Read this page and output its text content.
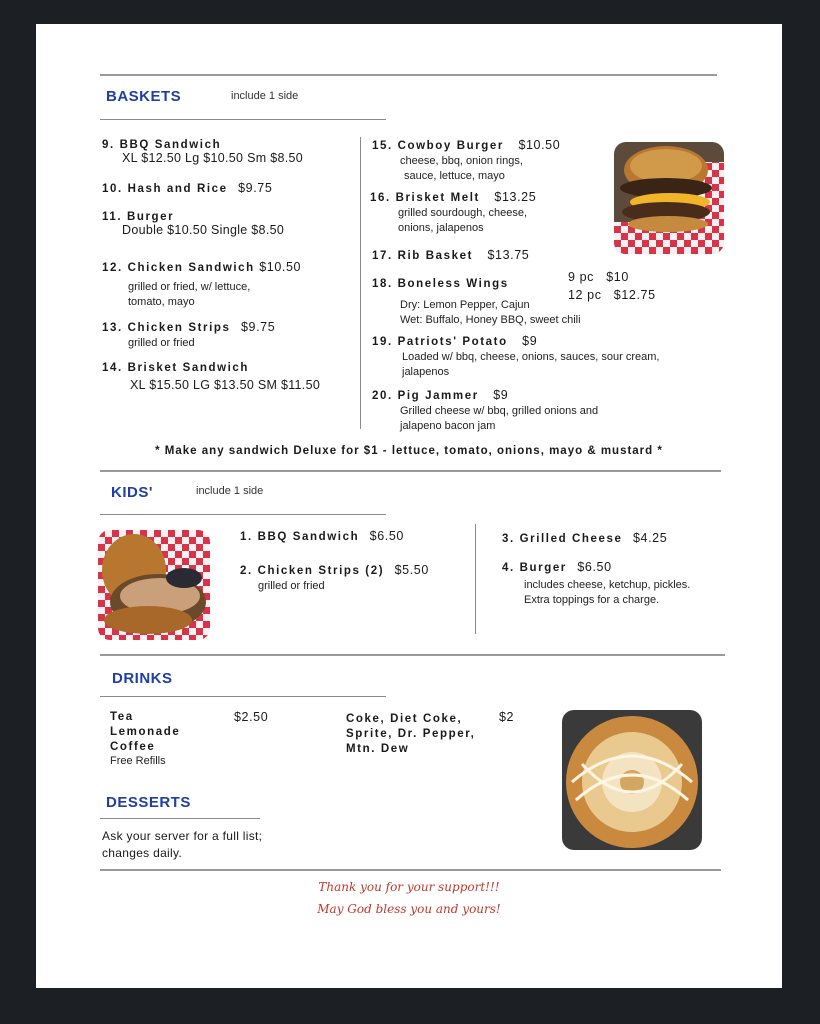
BASKETS	include 1 side
9. BBQ Sandwich
XL $12.50 Lg $10.50 Sm $8.50
10. Hash and Rice $9.75
11. Burger
Double $10.50 Single $8.50
12. Chicken Sandwich $10.50
grilled or fried, w/ lettuce,
tomato, mayo
13. Chicken Strips $9.75
grilled or fried
14. Brisket Sandwich
XL $15.50 LG $13.50 SM $11.50
15. Cowboy Burger $10.50
cheese, bbq, onion rings,
sauce, lettuce, mayo
16. Brisket Melt $13.25
grilled sourdough, cheese,
onions, jalapenos
17. Rib Basket $13.75
18. Boneless Wings
Dry: Lemon Pepper, Cajun
Wet: Buffalo, Honey BBQ, sweet chili
9 pc   $10
12 pc   $12.75
19. Patriots' Potato $9
Loaded w/ bbq, cheese, onions, sauces, sour cream,
jalapenos
20. Pig Jammer $9
Grilled cheese w/ bbq, grilled onions and
jalapeno bacon jam
* Make any sandwich Deluxe for $1 - lettuce, tomato, onions, mayo & mustard *
KIDS'	include 1 side
1. BBQ Sandwich $6.50
2. Chicken Strips (2) $5.50
grilled or fried
3. Grilled Cheese $4.25
4. Burger $6.50
includes cheese, ketchup, pickles.
Extra toppings for a charge.
DRINKS
Tea
Lemonade
Coffee
Free Refills
$2.50	Coke, Diet Coke,
Sprite, Dr. Pepper,
Mtn. Dew
$2
DESSERTS
Ask your server for a full list;
changes daily.
Thank you for your support!!!
May God bless you and yours!
